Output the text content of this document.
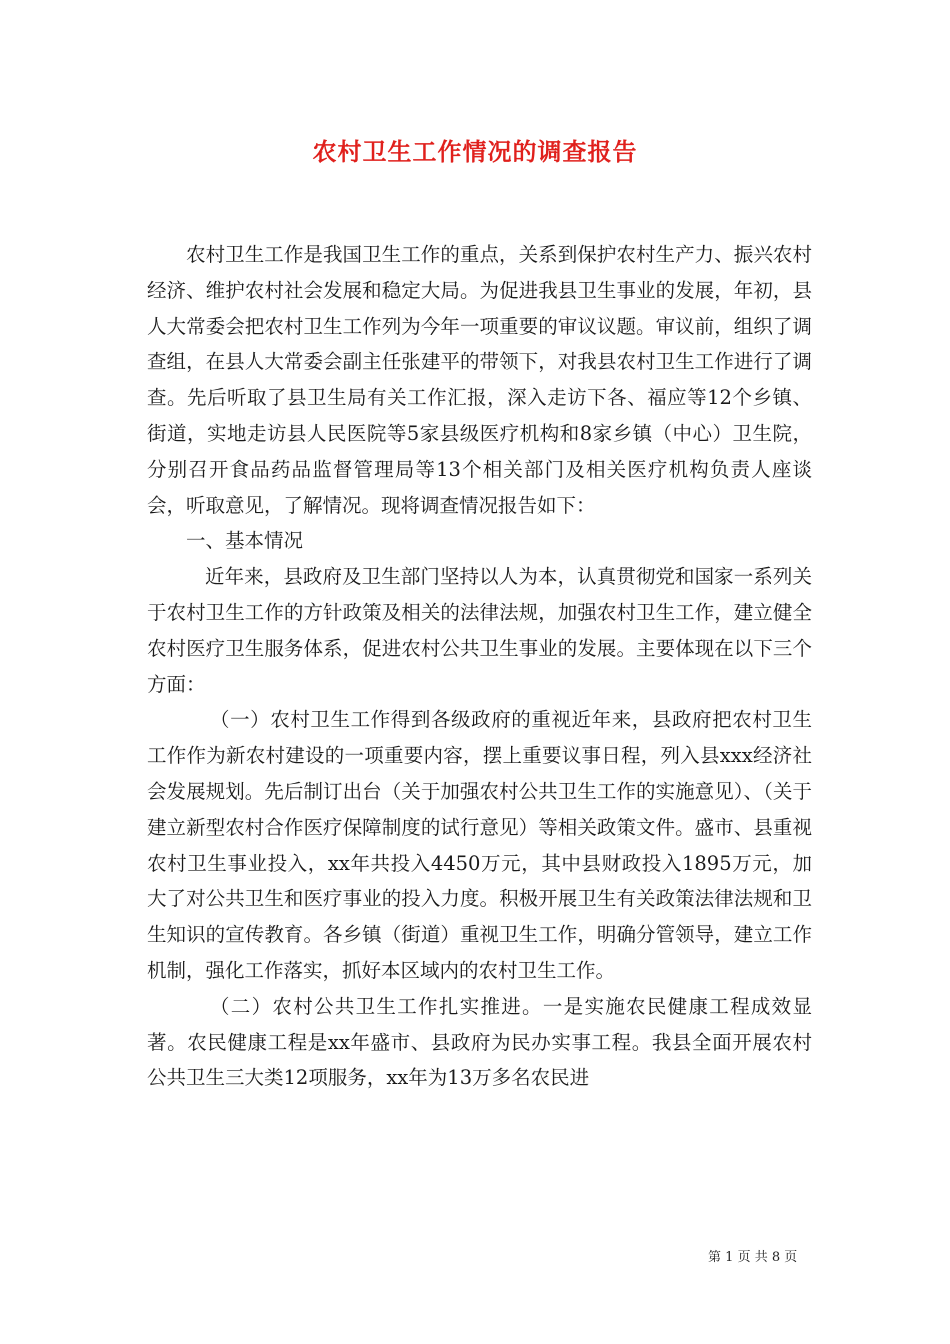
农村卫生工作情况的调查报告

农村卫生工作是我国卫生工作的重点，关系到保护农村生产力、振兴农村经济、维护农村社会发展和稳定大局。为促进我县卫生事业的发展，年初，县人大常委会把农村卫生工作列为今年一项重要的审议议题。审议前，组织了调查组，在县人大常委会副主任张建平的带领下，对我县农村卫生工作进行了调查。先后听取了县卫生局有关工作汇报，深入走访下各、福应等12个乡镇、街道，实地走访县人民医院等5家县级医疗机构和8家乡镇（中心）卫生院，分别召开食品药品监督管理局等13个相关部门及相关医疗机构负责人座谈会，听取意见，了解情况。现将调查情况报告如下：

一、基本情况

近年来，县政府及卫生部门坚持以人为本，认真贯彻党和国家一系列关于农村卫生工作的方针政策及相关的法律法规，加强农村卫生工作，建立健全农村医疗卫生服务体系，促进农村公共卫生事业的发展。主要体现在以下三个方面：

（一）农村卫生工作得到各级政府的重视近年来，县政府把农村卫生工作作为新农村建设的一项重要内容，摆上重要议事日程，列入县xxx经济社会发展规划。先后制订出台（关于加强农村公共卫生工作的实施意见）、（关于建立新型农村合作医疗保障制度的试行意见）等相关政策文件。盛市、县重视农村卫生事业投入，xx年共投入4450万元，其中县财政投入1895万元，加大了对公共卫生和医疗事业的投入力度。积极开展卫生有关政策法律法规和卫生知识的宣传教育。各乡镇（街道）重视卫生工作，明确分管领导，建立工作机制，强化工作落实，抓好本区域内的农村卫生工作。

（二）农村公共卫生工作扎实推进。一是实施农民健康工程成效显著。农民健康工程是xx年盛市、县政府为民办实事工程。我县全面开展农村公共卫生三大类12项服务，xx年为13万多名农民进

第 1 页 共 8 页
